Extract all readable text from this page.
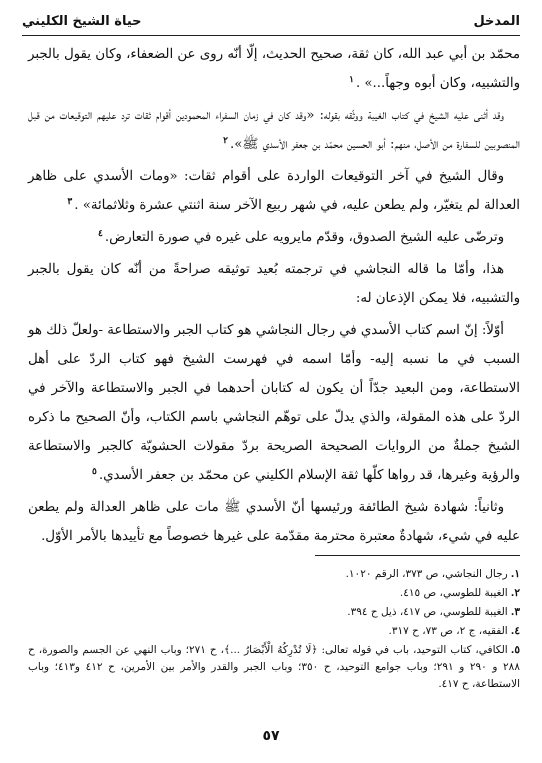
المدخل
حياة الشيخ الكليني

محمّد بن أبي عبد الله، كان ثقة، صحيح الحديث، إلّا أنّه روى عن الضعفاء، وكان يقول بالجبر والتشبيه، وكان أبوه وجهاً...» .$^١$

وقد أثنى عليه الشيخ في كتاب الغيبة ووثّقه بقوله: «وقد كان في زمان السفراء المحمودين أقوام ثقات ترد عليهم التوقيعات من قبل المنصوبين للسفارة من الأصل، منهم: أبو الحسين محمّد بن جعفر الأسدي ﷺ».$^٢$

وقال الشيخ في آخر التوقيعات الواردة على أقوام ثقات: «ومات الأسدي على ظاهر العدالة لم يتغيّر، ولم يطعن عليه، في شهر ربيع الآخر سنة اثنتي عشرة وثلاثمائة» .$^٣$

وترضّى عليه الشيخ الصدوق، وقدّم مايرويه على غيره في صورة التعارض.$^٤$

هذا، وأمّا ما قاله النجاشي في ترجمته بُعيد توثيقه صراحةً من أنّه كان يقول بالجبر والتشبيه، فلا يمكن الإذعان له:

أوّلاً: إنّ اسم كتاب الأسدي في رجال النجاشي هو كتاب الجبر والاستطاعة -ولعلّ ذلك هو السبب في ما نسبه إليه- وأمّا اسمه في فهرست الشيخ فهو كتاب الردّ على أهل الاستطاعة، ومن البعيد جدّاً أن يكون له كتابان أحدهما في الجبر والاستطاعة والآخر في الردّ على هذه المقولة، والذي يدلّ على توهّم النجاشي باسم الكتاب، وأنّ الصحيح ما ذكره الشيخ جملةٌ من الروايات الصحيحة الصريحة بردّ مقولات الحشويّة كالجبر والاستطاعة والرؤية وغيرها، قد رواها كلّها ثقة الإسلام الكليني عن محمّد بن جعفر الأسدي.$^٥$

وثانياً: شهادة شيخ الطائفة ورئيسها أنّ الأسدي ﷺ مات على ظاهر العدالة ولم يطعن عليه في شيء، شهادةٌ معتبرة محترمة مقدّمة على غيرها خصوصاً مع تأييدها بالأمر الأوّل.

١.رجال النجاشي، ص ٣٧٣، الرقم ١٠٢٠.

٢.الغيبة للطوسي، ص ٤١٥.

٣.الغيبة للطوسي، ص ٤١٧، ذيل ح ٣٩٤.

٤.الفقيه، ج ٢، ص ٧٣، ح ٣١٧.

٥.الكافي، كتاب التوحيد، باب في قوله تعالى: ﴿لَا تُدْرِكُهُ الْأَبْصَارُ ...﴾، ح ٢٧١؛ وباب النهي عن الجسم والصورة، ح ٢٨٨ و ٢٩٠ و ٢٩١؛ وباب جوامع التوحيد، ح ٣٥٠؛ وباب الجبر والقدر والأمر بين الأمرين، ح ٤١٢ و٤١٣؛ وباب الاستطاعة، ح ٤١٧.

٥٧
